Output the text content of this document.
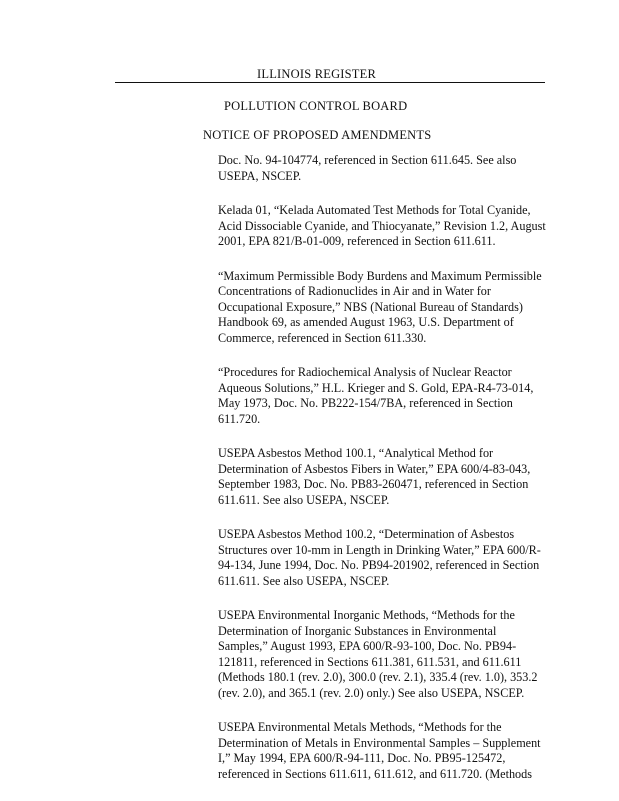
ILLINOIS REGISTER
POLLUTION CONTROL BOARD
NOTICE OF PROPOSED AMENDMENTS
Doc. No. 94-104774, referenced in Section 611.645. See also
USEPA, NSCEP.
Kelada 01, “Kelada Automated Test Methods for Total Cyanide,
Acid Dissociable Cyanide, and Thiocyanate,” Revision 1.2, August
2001, EPA 821/B-01-009, referenced in Section 611.611.
“Maximum Permissible Body Burdens and Maximum Permissible
Concentrations of Radionuclides in Air and in Water for
Occupational Exposure,” NBS (National Bureau of Standards)
Handbook 69, as amended August 1963, U.S. Department of
Commerce, referenced in Section 611.330.
“Procedures for Radiochemical Analysis of Nuclear Reactor
Aqueous Solutions,” H.L. Krieger and S. Gold, EPA-R4-73-014,
May 1973, Doc. No. PB222-154/7BA, referenced in Section
611.720.
USEPA Asbestos Method 100.1, “Analytical Method for
Determination of Asbestos Fibers in Water,” EPA 600/4-83-043,
September 1983, Doc. No. PB83-260471, referenced in Section
611.611. See also USEPA, NSCEP.
USEPA Asbestos Method 100.2, “Determination of Asbestos
Structures over 10-mm in Length in Drinking Water,” EPA 600/R-
94-134, June 1994, Doc. No. PB94-201902, referenced in Section
611.611. See also USEPA, NSCEP.
USEPA Environmental Inorganic Methods, “Methods for the
Determination of Inorganic Substances in Environmental
Samples,” August 1993, EPA 600/R-93-100, Doc. No. PB94-
121811, referenced in Sections 611.381, 611.531, and 611.611
(Methods 180.1 (rev. 2.0), 300.0 (rev. 2.1), 335.4 (rev. 1.0), 353.2
(rev. 2.0), and 365.1 (rev. 2.0) only.) See also USEPA, NSCEP.
USEPA Environmental Metals Methods, “Methods for the
Determination of Metals in Environmental Samples – Supplement
I,” May 1994, EPA 600/R-94-111, Doc. No. PB95-125472,
referenced in Sections 611.611, 611.612, and 611.720. (Methods
